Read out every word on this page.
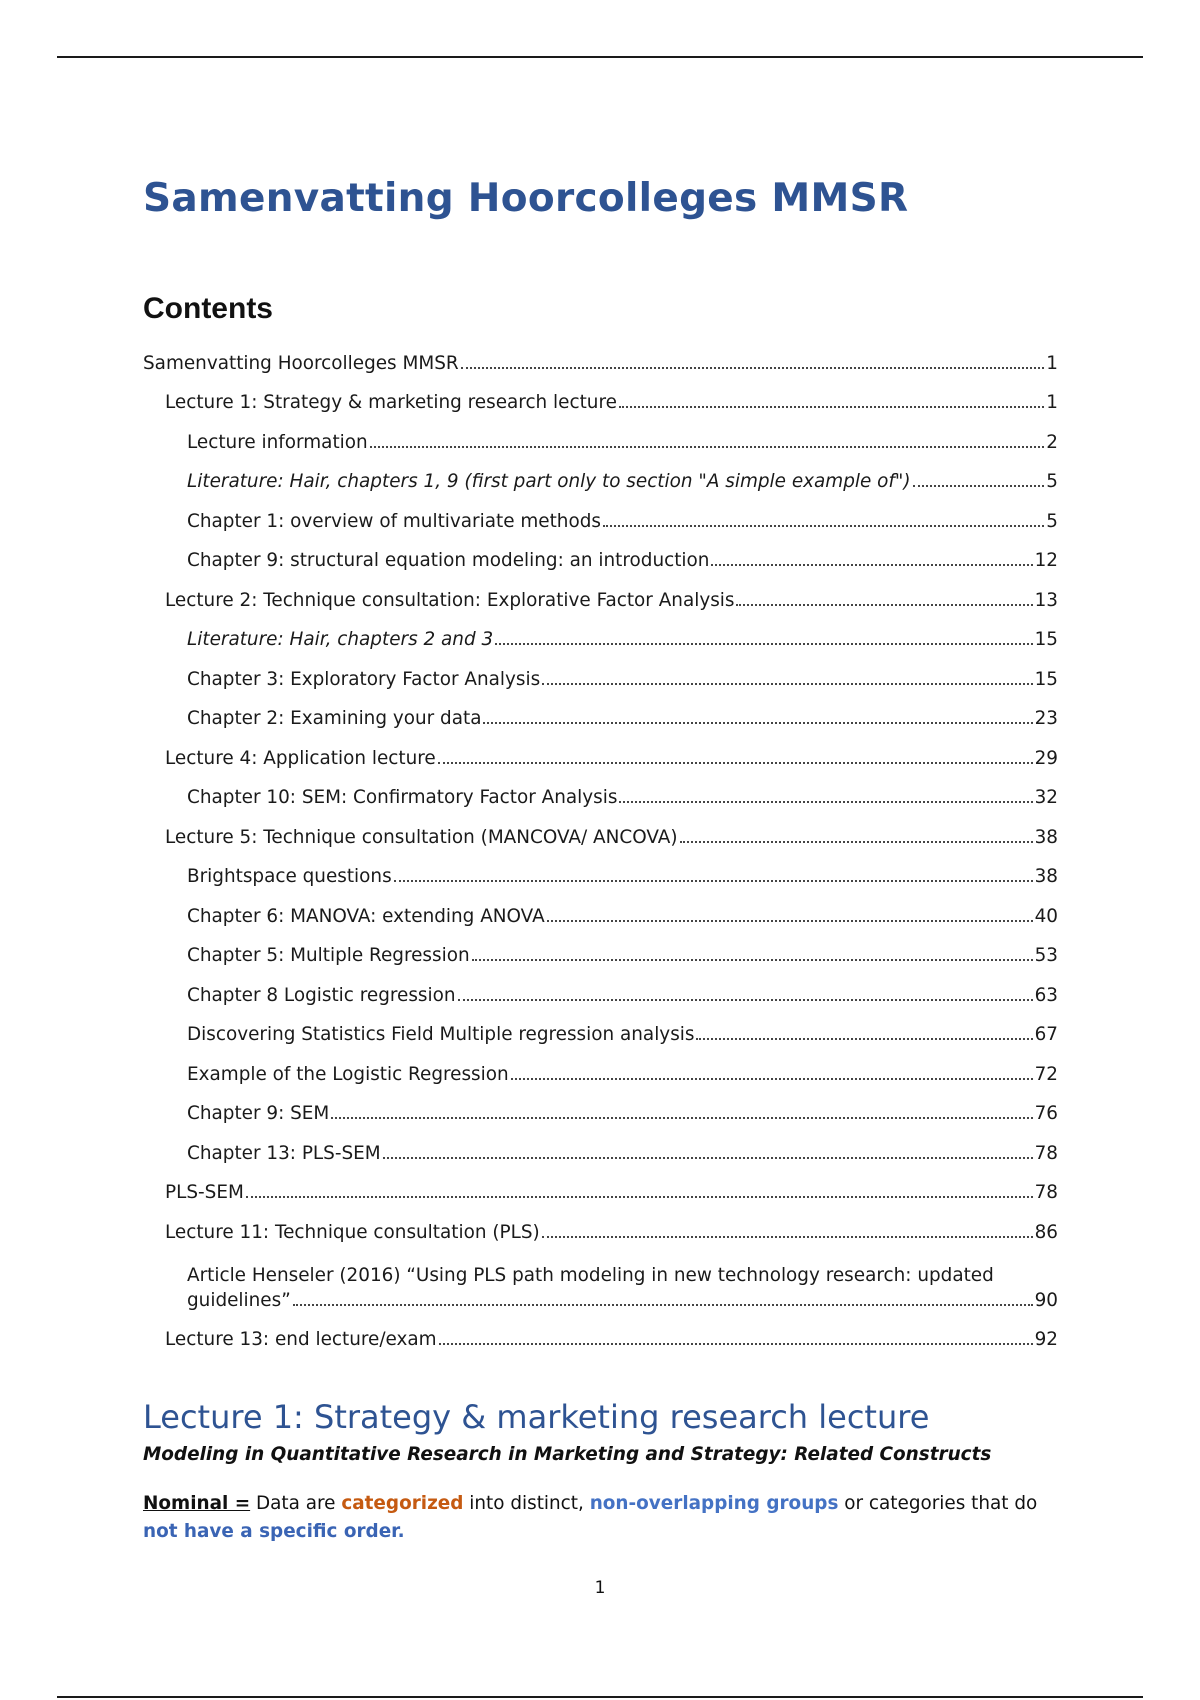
Samenvatting Hoorcolleges MMSR
Contents
Samenvatting Hoorcolleges MMSR	1
Lecture 1: Strategy & marketing research lecture	1
Lecture information	2
Literature: Hair, chapters 1, 9 (first part only to section "A simple example of")	5
Chapter 1: overview of multivariate methods	5
Chapter 9: structural equation modeling: an introduction	12
Lecture 2: Technique consultation: Explorative Factor Analysis	13
Literature: Hair, chapters 2 and 3	15
Chapter 3: Exploratory Factor Analysis	15
Chapter 2: Examining your data	23
Lecture 4: Application lecture	29
Chapter 10: SEM: Confirmatory Factor Analysis	32
Lecture 5: Technique consultation (MANCOVA/ ANCOVA)	38
Brightspace questions	38
Chapter 6: MANOVA: extending ANOVA	40
Chapter 5: Multiple Regression	53
Chapter 8 Logistic regression	63
Discovering Statistics Field Multiple regression analysis	67
Example of the Logistic Regression	72
Chapter 9: SEM	76
Chapter 13: PLS-SEM	78
PLS-SEM	78
Lecture 11: Technique consultation (PLS)	86
Article Henseler (2016) “Using PLS path modeling in new technology research: updated
guidelines”	90
Lecture 13: end lecture/exam	92
Lecture 1: Strategy & marketing research lecture

Modeling in Quantitative Research in Marketing and Strategy: Related Constructs

Nominal = Data are categorized into distinct, non-overlapping groups or categories that do not have a specific order.

1
